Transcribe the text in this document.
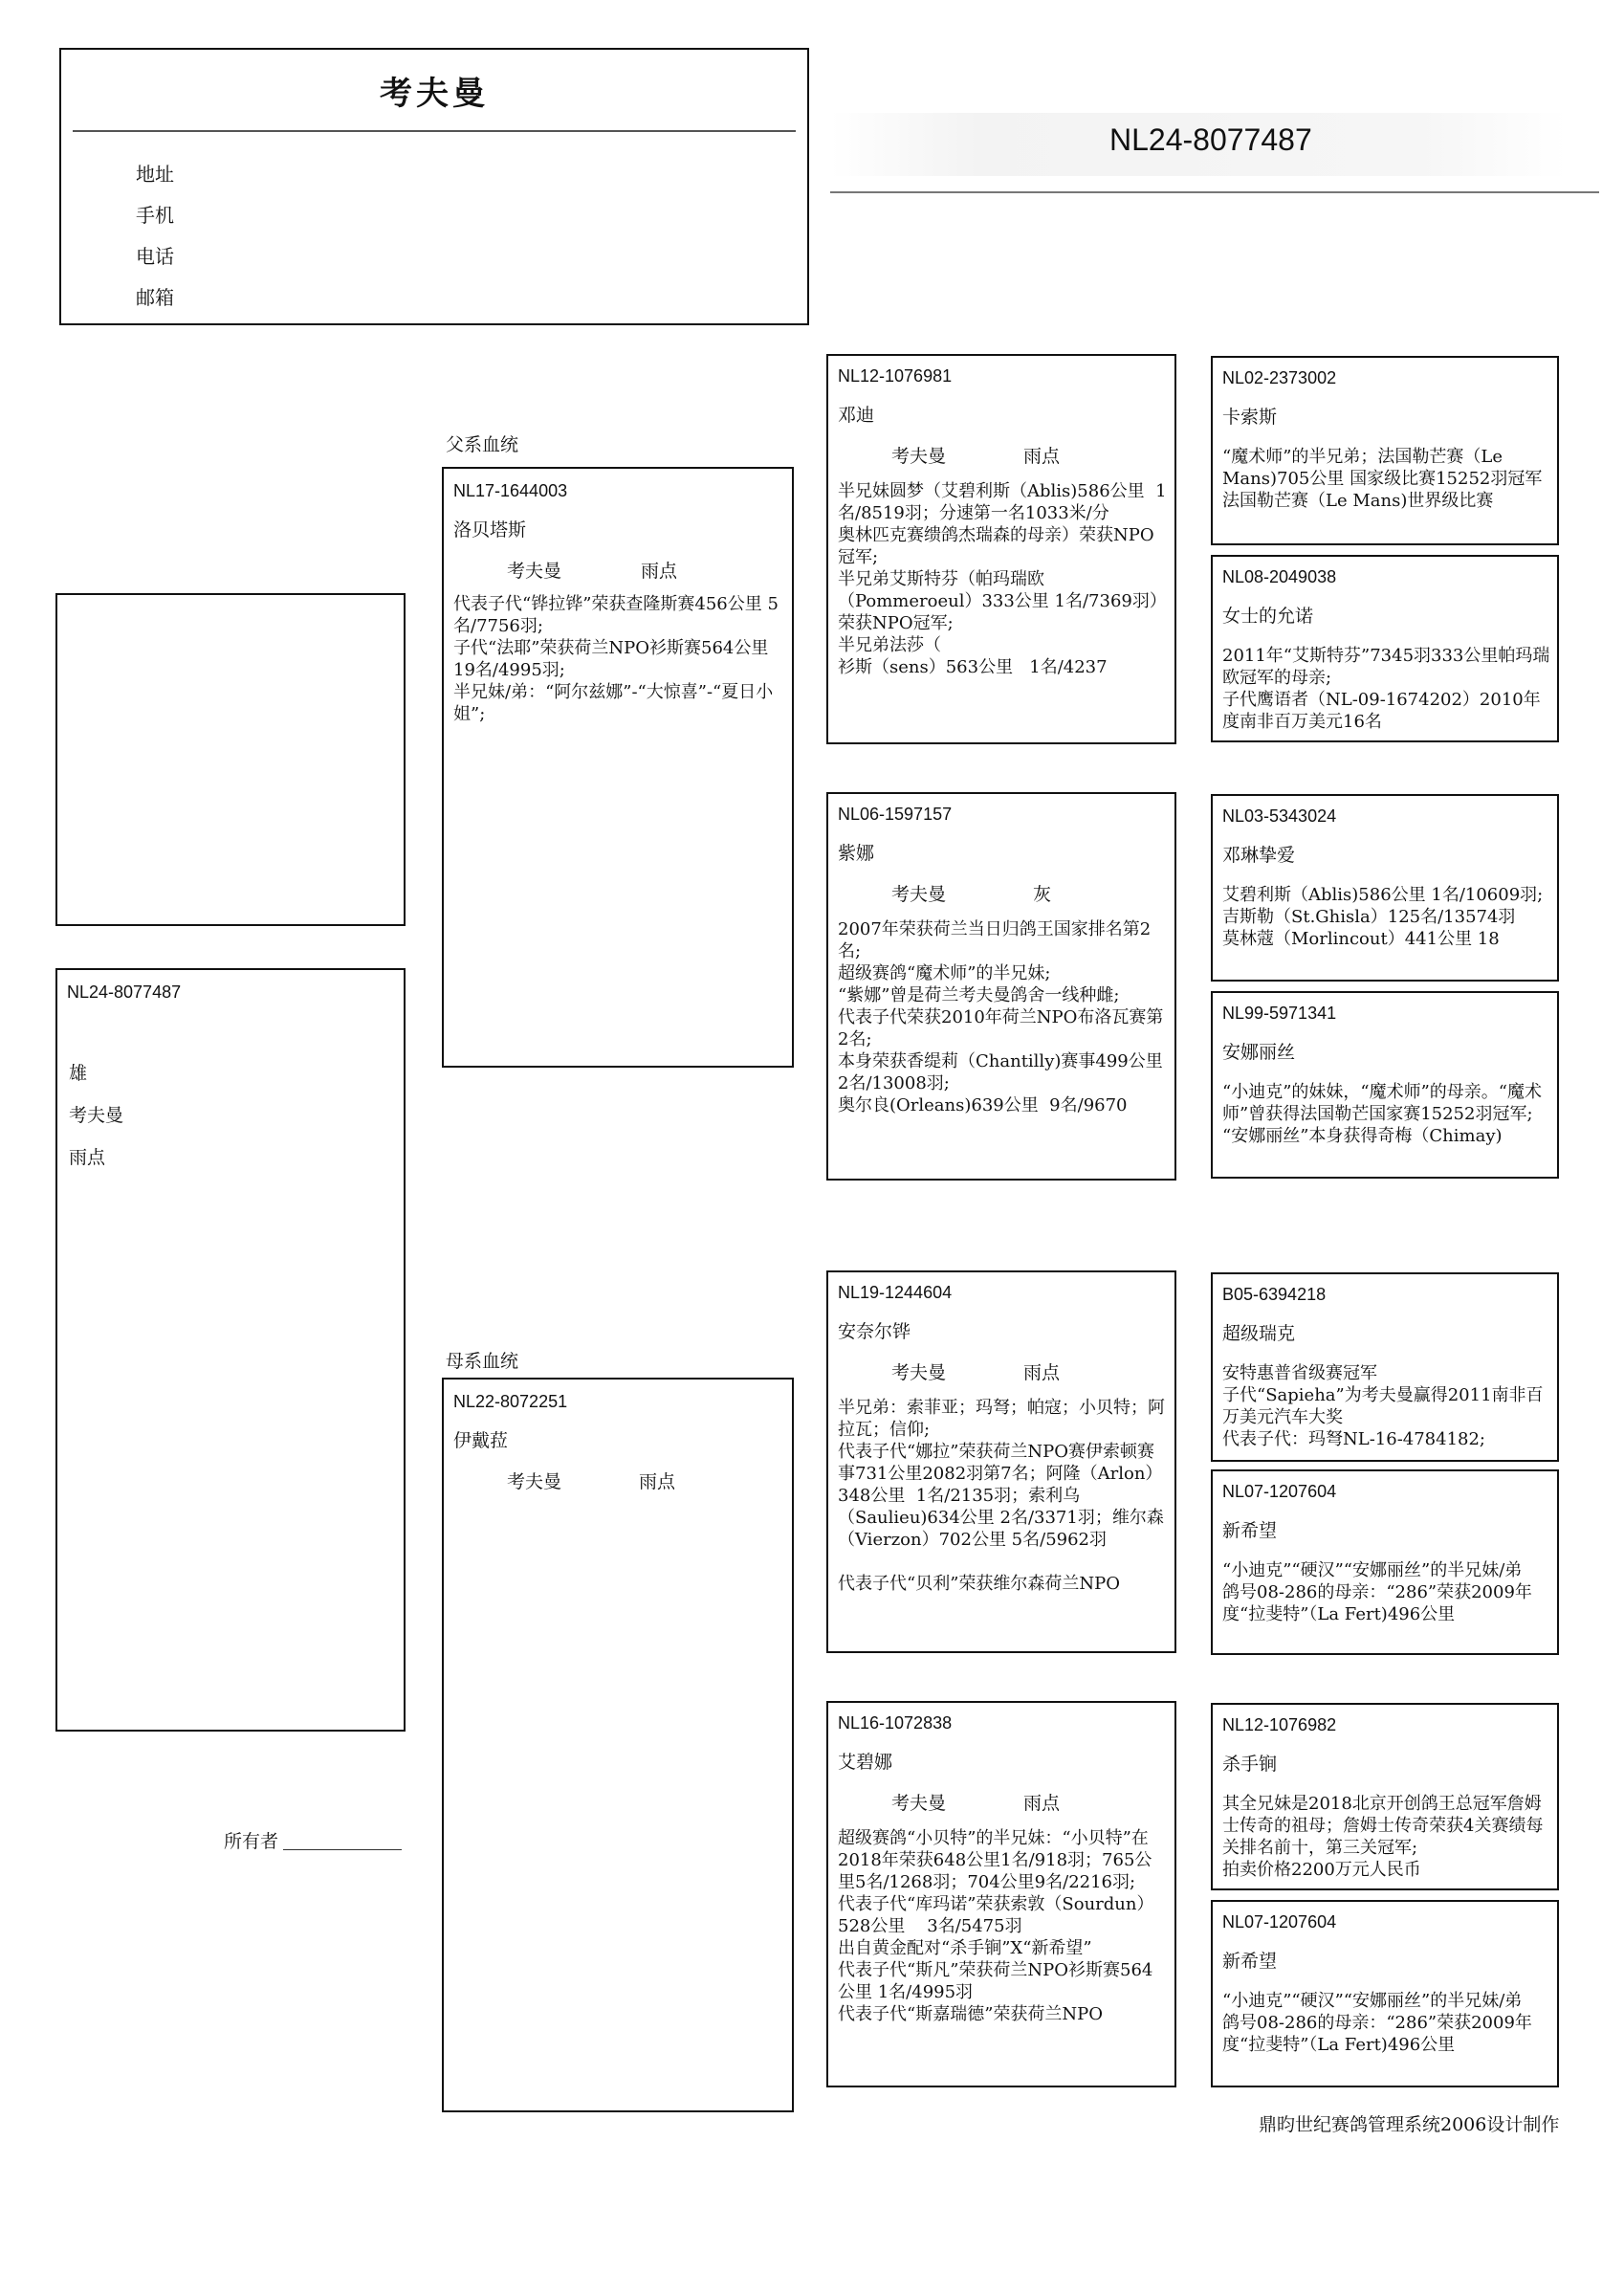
考夫曼
地址
手机
电话
邮箱
NL24-8077487
NL24-8077487
雄
考夫曼
雨点
所有者
父系血统
母系血统
NL17-1644003
洛贝塔斯
考夫曼	雨点

代表子代“铧拉铧”荣获查隆斯赛456公里 5名/7756羽;
子代“法耶”荣获荷兰NPO衫斯赛564公里19名/4995羽;
半兄妹/弟：“阿尔兹娜”-“大惊喜”-“夏日小姐”;

NL22-8072251
伊戴菈
考夫曼	雨点

NL12-1076981
邓迪
考夫曼	雨点

半兄妹圆梦（艾碧利斯（Ablis)586公里  1名/8519羽；分速第一名1033米/分
奥林匹克赛缋鸽杰瑞森的母亲）荣获NPO冠军;
半兄弟艾斯特芬（帕玛瑞欧（Pommeroeul）333公里 1名/7369羽）荣获NPO冠军;
半兄弟法莎（
衫斯（sens）563公里   1名/4237

NL06-1597157
紫娜
考夫曼	灰

2007年荣获荷兰当日归鸽王国家排名第2名;
超级赛鸽“魔术师”的半兄妹;
“紫娜”曾是荷兰考夫曼鸽舍一线种雌;
代表子代荣获2010年荷兰NPO布洛瓦赛第2名;
本身荣获香缇莉（Chantilly)赛事499公里 2名/13008羽;
奥尔良(Orleans)639公里  9名/9670

NL19-1244604
安奈尔铧
考夫曼	雨点

半兄弟：索菲亚；玛弩；帕寇；小贝特；阿拉瓦；信仰;
代表子代“娜拉”荣获荷兰NPO赛伊索顿赛事731公里2082羽第7名；阿隆（Arlon）348公里  1名/2135羽；索利乌（Saulieu)634公里 2名/3371羽；维尔森（Vierzon）702公里 5名/5962羽

代表子代“贝利”荣获维尔森荷兰NPO

NL16-1072838
艾碧娜
考夫曼	雨点

超级赛鸽“小贝特”的半兄妹：“小贝特”在2018年荣获648公里1名/918羽；765公里5名/1268羽；704公里9名/2216羽;
代表子代“库玛诺”荣获索敦（Sourdun）528公里    3名/5475羽
出自黄金配对“杀手锏”X“新希望”
代表子代“斯凡”荣获荷兰NPO衫斯赛564公里 1名/4995羽
代表子代“斯嘉瑞德”荣获荷兰NPO

NL02-2373002
卡索斯

“魔术师”的半兄弟；法国勒芒赛（Le Mans)705公里 国家级比赛15252羽冠军
法国勒芒赛（Le Mans)世界级比赛

NL08-2049038
女士的允诺

2011年“艾斯特芬”7345羽333公里帕玛瑞欧冠军的母亲;
子代鹰语者（NL-09-1674202）2010年度南非百万美元16名

NL03-5343024
邓琳挚爱

艾碧利斯（Ablis)586公里 1名/10609羽;
吉斯勒（St.Ghisla）125名/13574羽
莫林蔻（Morlincout）441公里 18

NL99-5971341
安娜丽丝

“小迪克”的妹妹，“魔术师”的母亲。“魔术师”曾获得法国勒芒国家赛15252羽冠军;
“安娜丽丝”本身获得奇梅（Chimay)

B05-6394218
超级瑞克

安特惠普省级赛冠军
子代“Sapieha”为考夫曼赢得2011南非百万美元汽车大奖
代表子代：玛弩NL-16-4784182;

NL07-1207604
新希望

“小迪克”“硬汉”“安娜丽丝”的半兄妹/弟
鸽号08-286的母亲：“286”荣获2009年度“拉斐特”（La Fert)496公里

NL12-1076982
杀手锏

其全兄妹是2018北京开创鸽王总冠军詹姆士传奇的祖母；詹姆士传奇荣获4关赛绩每关排名前十，第三关冠军;
拍卖价格2200万元人民币

NL07-1207604
新希望

“小迪克”“硬汉”“安娜丽丝”的半兄妹/弟
鸽号08-286的母亲：“286”荣获2009年度“拉斐特”（La Fert)496公里

鼎昀世纪赛鸽管理系统2006设计制作
